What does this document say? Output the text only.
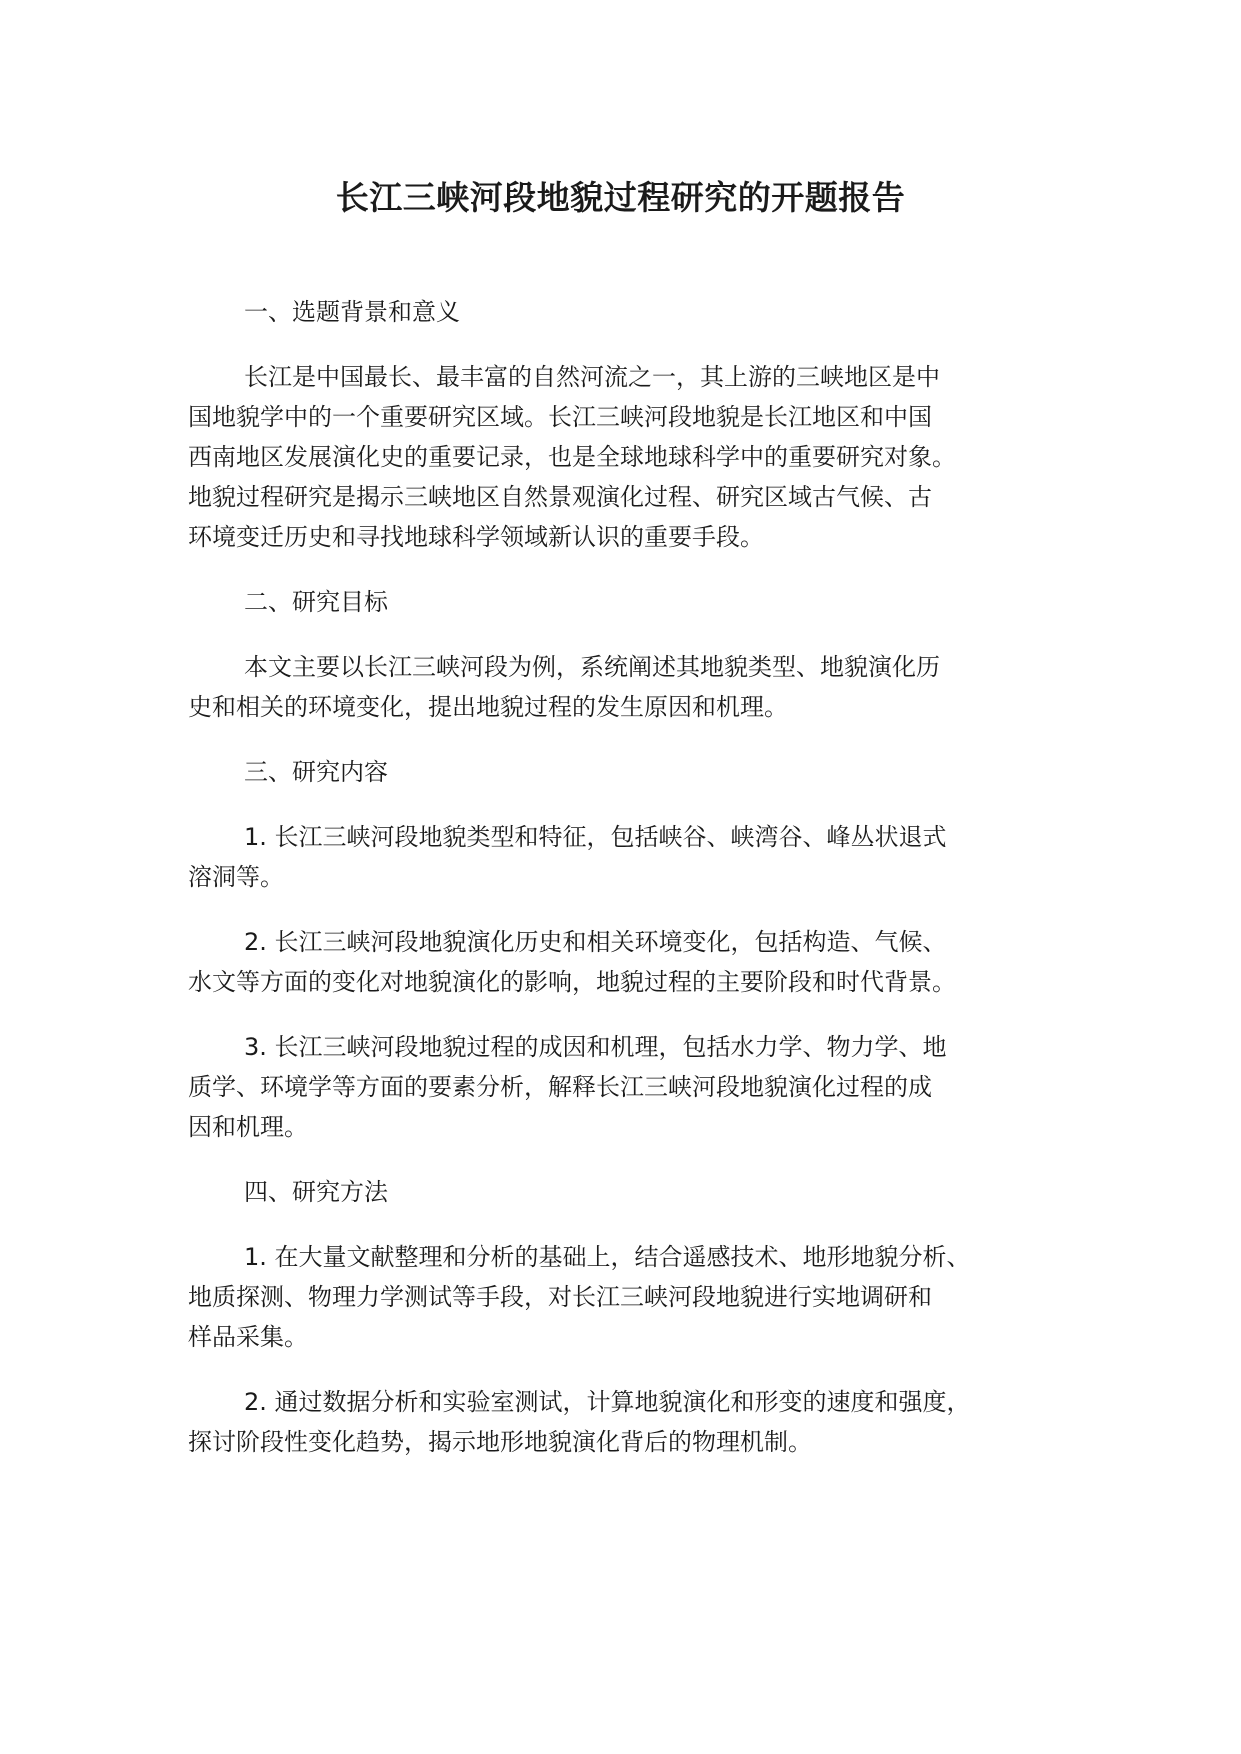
长江三峡河段地貌过程研究的开题报告

一、选题背景和意义

长江是中国最长、最丰富的自然河流之一，其上游的三峡地区是中
国地貌学中的一个重要研究区域。长江三峡河段地貌是长江地区和中国
西南地区发展演化史的重要记录，也是全球地球科学中的重要研究对象。
地貌过程研究是揭示三峡地区自然景观演化过程、研究区域古气候、古
环境变迁历史和寻找地球科学领域新认识的重要手段。

二、研究目标

本文主要以长江三峡河段为例，系统阐述其地貌类型、地貌演化历
史和相关的环境变化，提出地貌过程的发生原因和机理。

三、研究内容

1. 长江三峡河段地貌类型和特征，包括峡谷、峡湾谷、峰丛状退式
溶洞等。
2. 长江三峡河段地貌演化历史和相关环境变化，包括构造、气候、
水文等方面的变化对地貌演化的影响，地貌过程的主要阶段和时代背景。
3. 长江三峡河段地貌过程的成因和机理，包括水力学、物力学、地
质学、环境学等方面的要素分析，解释长江三峡河段地貌演化过程的成
因和机理。

四、研究方法

1. 在大量文献整理和分析的基础上，结合遥感技术、地形地貌分析、
地质探测、物理力学测试等手段，对长江三峡河段地貌进行实地调研和
样品采集。
2. 通过数据分析和实验室测试，计算地貌演化和形变的速度和强度，
探讨阶段性变化趋势，揭示地形地貌演化背后的物理机制。
